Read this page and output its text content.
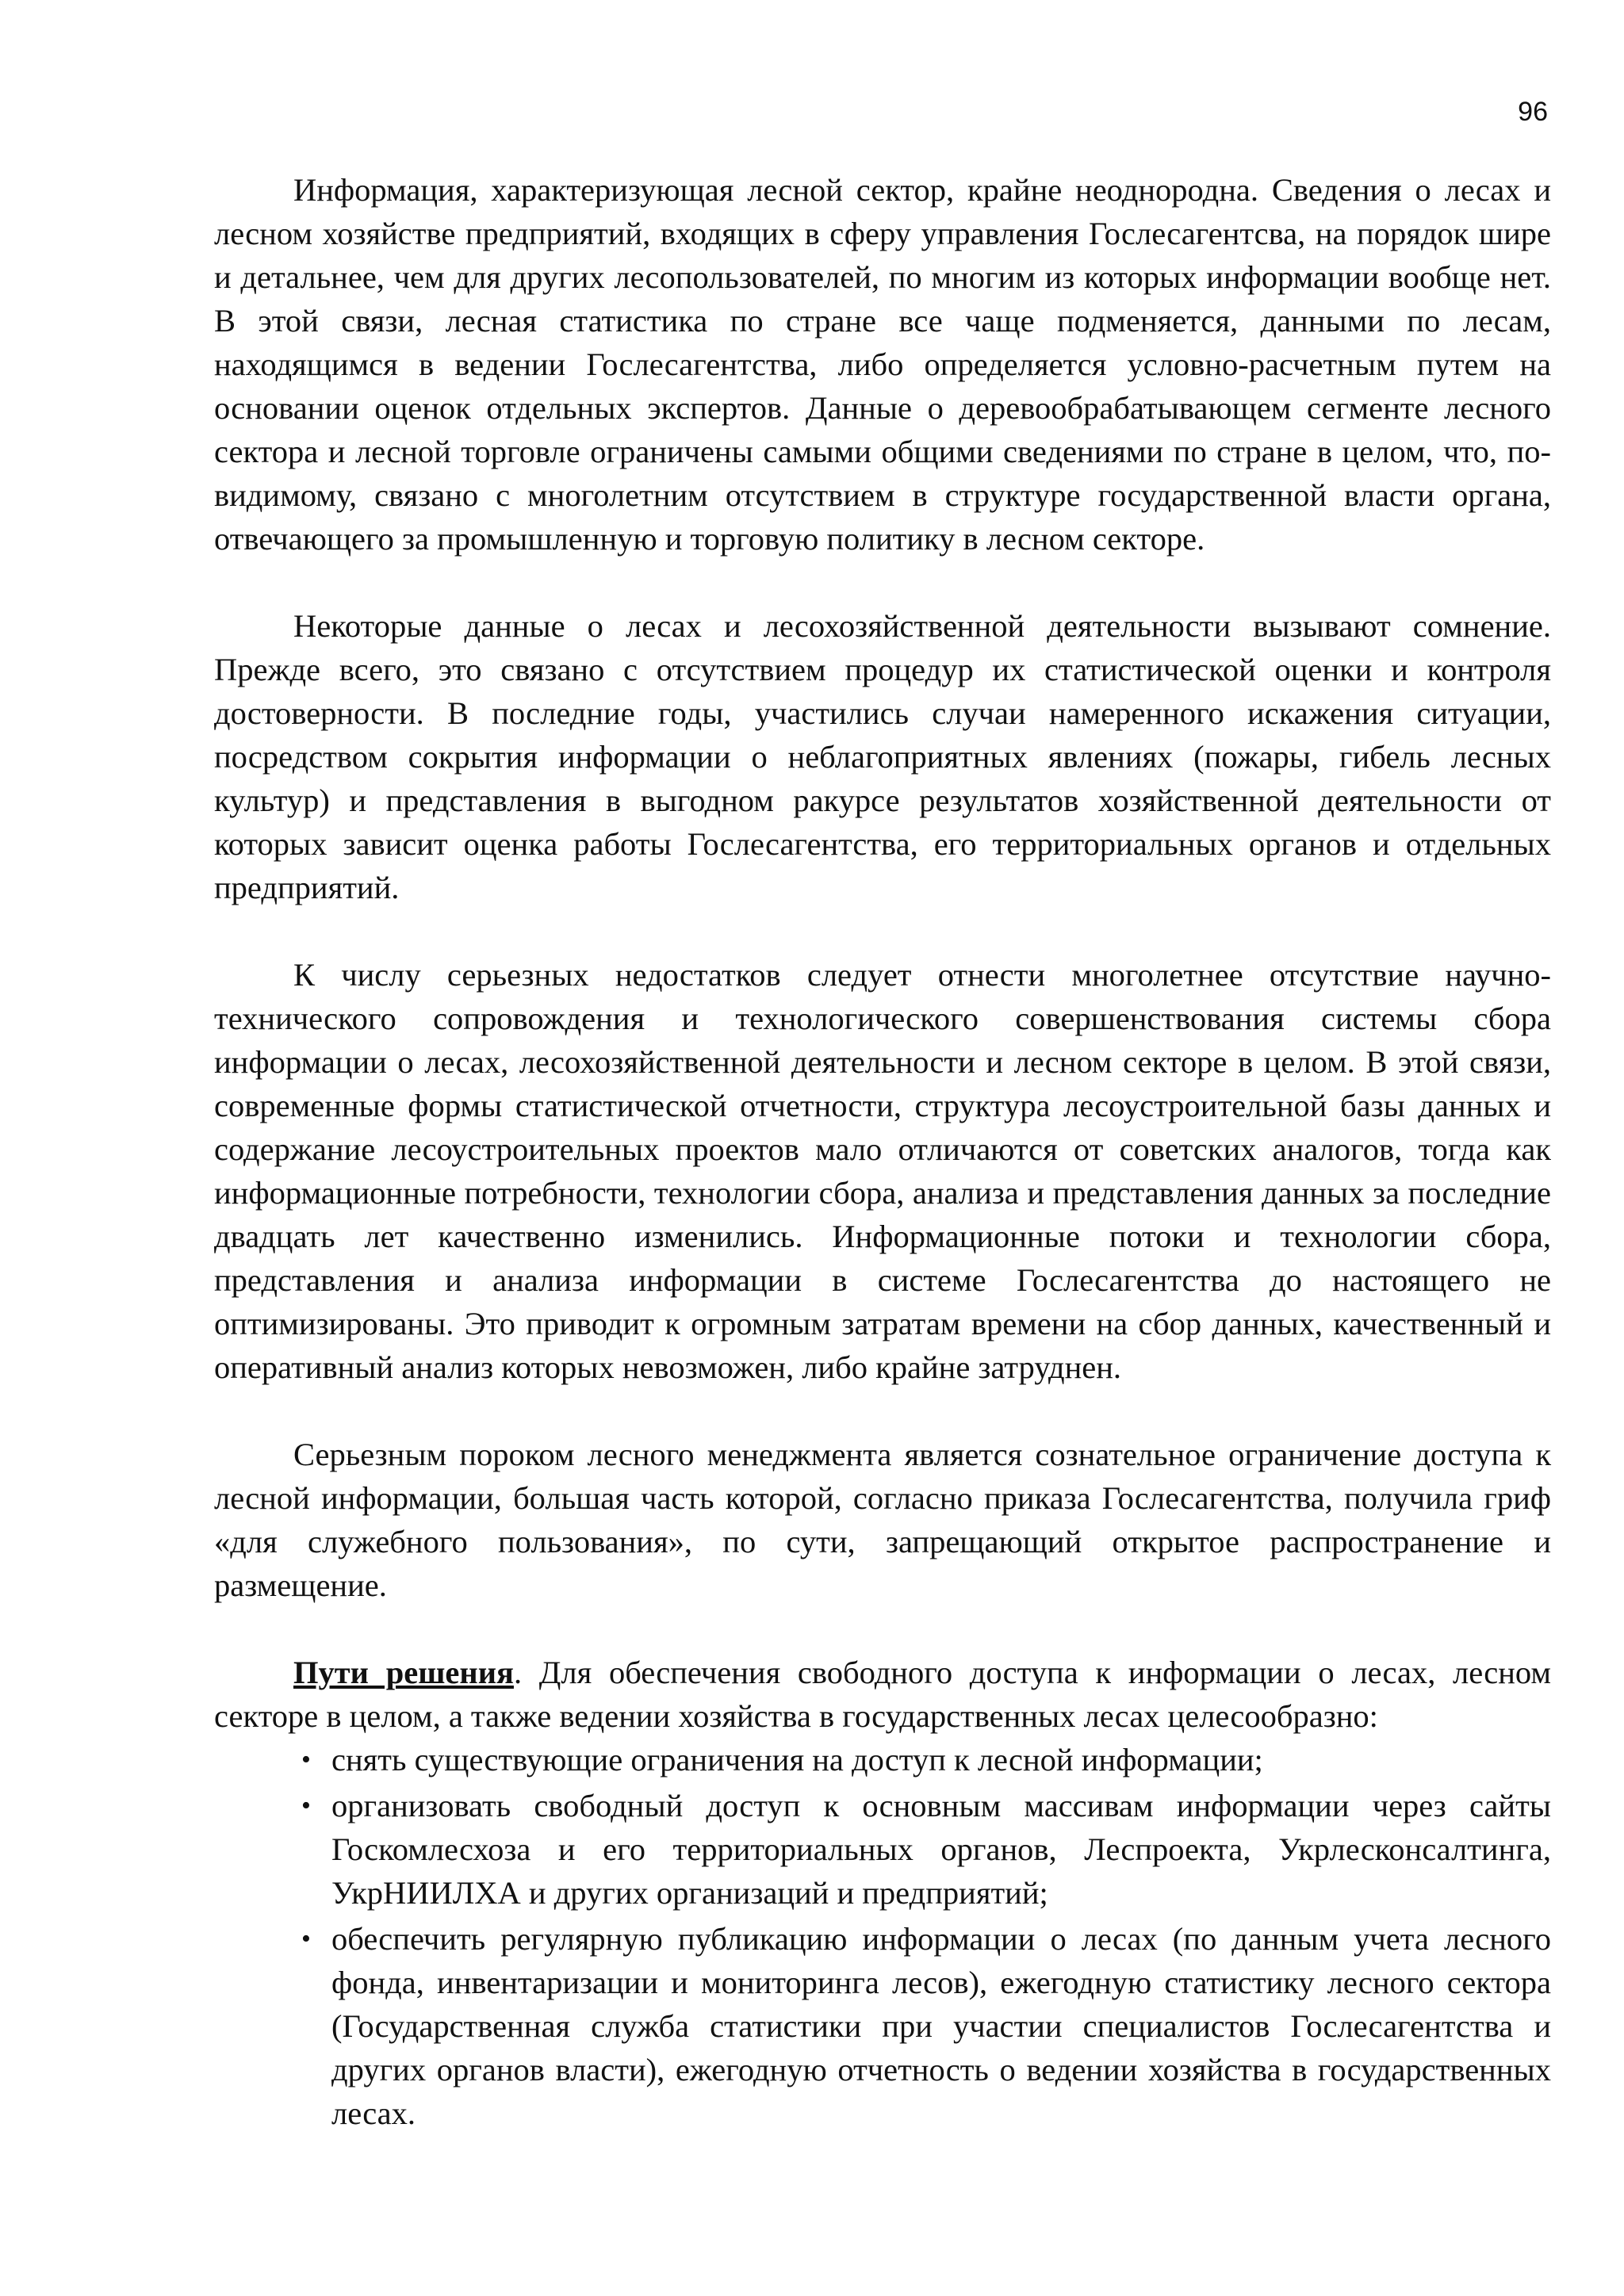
96

Информация, характеризующая лесной сектор, крайне неоднородна. Сведения о лесах и лесном хозяйстве предприятий, входящих в сферу управления Гослесагентсва, на порядок шире и детальнее, чем для других лесопользователей, по многим из которых информации вообще нет. В этой связи, лесная статистика по стране все чаще подменяется, данными по лесам, находящимся в ведении Гослесагентства, либо определяется условно-расчетным путем на основании оценок отдельных экспертов. Данные о деревообрабатывающем сегменте лесного сектора и лесной торговле ограничены самыми общими сведениями по стране в целом, что, по-видимому, связано с многолетним отсутствием в структуре государственной власти органа, отвечающего за промышленную и торговую политику в лесном секторе.

Некоторые данные о лесах и лесохозяйственной деятельности вызывают сомнение. Прежде всего, это связано с отсутствием процедур их статистической оценки и контроля достоверности. В последние годы, участились случаи намеренного искажения ситуации, посредством сокрытия информации о неблагоприятных явлениях (пожары, гибель лесных культур) и представления в выгодном ракурсе результатов хозяйственной деятельности от которых зависит оценка работы Гослесагентства, его территориальных органов и отдельных предприятий.

К числу серьезных недостатков следует отнести многолетнее отсутствие научно-технического сопровождения и технологического совершенствования системы сбора информации о лесах, лесохозяйственной деятельности и лесном секторе в целом. В этой связи, современные формы статистической отчетности, структура лесоустроительной базы данных и содержание лесоустроительных проектов мало отличаются от советских аналогов, тогда как информационные потребности, технологии сбора, анализа и представления данных за последние двадцать лет качественно изменились. Информационные потоки и технологии сбора, представления и анализа информации в системе Гослесагентства до настоящего не оптимизированы. Это приводит к огромным затратам времени на сбор данных, качественный и оперативный анализ которых невозможен, либо крайне затруднен.

Серьезным пороком лесного менеджмента является сознательное ограничение доступа к лесной информации, большая часть которой, согласно приказа Гослесагентства, получила гриф «для служебного пользования», по сути, запрещающий открытое распространение и размещение.

Пути решения. Для обеспечения свободного доступа к информации о лесах, лесном секторе в целом, а также ведении хозяйства в государственных лесах целесообразно:

• снять существующие ограничения на доступ к лесной информации;
• организовать свободный доступ к основным массивам информации через сайты Госкомлесхоза и его территориальных органов, Леспроекта, Укрлесконсалтинга, УкрНИИЛХА и других организаций и предприятий;
• обеспечить регулярную публикацию информации о лесах (по данным учета лесного фонда, инвентаризации и мониторинга лесов), ежегодную статистику лесного сектора (Государственная служба статистики при участии специалистов Гослесагентства и других органов власти), ежегодную отчетность о ведении хозяйства в государственных лесах.
